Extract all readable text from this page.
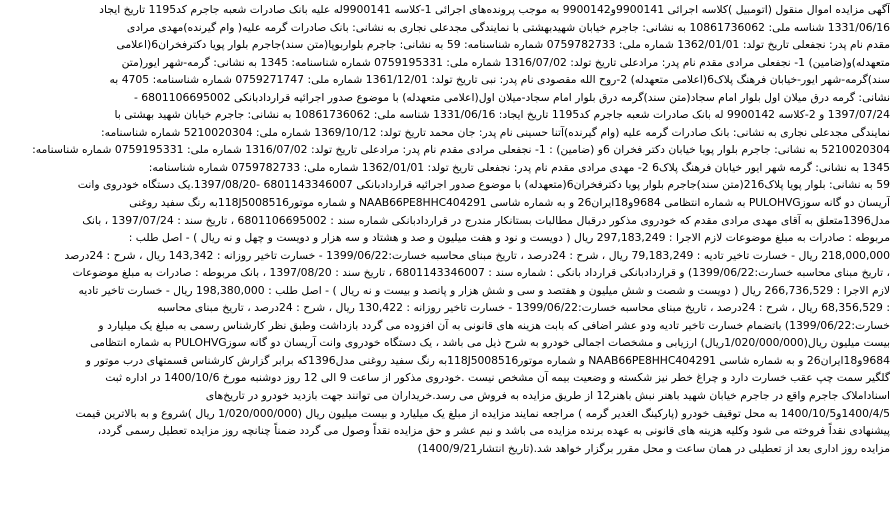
آگهی مزایده اموال منقول (اتومبیل )کلاسه اجرائی 9900141و9900142 به موجب پرونده‌های اجرائی 1-کلاسه 9900141له علیه بانک صادرات شعبه جاجرم کد1195 تاریخ ایجاد
1331/06/16 شناسه ملی: 10861736062 به نشانی: جاجرم خیابان شهیدبهشتی با نمایندگی مجدعلی نجاری به نشانی: بانک صادرات گرمه علیه( وام گیرنده)مهدی مرادی
مقدم نام پدر: نجفعلی تاریخ تولد: 1362/01/01 شماره ملی: 0759782733 شماره شناسنامه: 59 به نشانی: جاجرم بلواربوپا(متن سند)جاجرم بلوار پویا دکترفخران6(اعلامی
متعهدله)و(ضامین) 1- نجفعلی مرادی مقدم نام پدر: مرادعلی تاریخ تولد: 1316/07/02 شماره ملی: 0759195331 شماره شناسنامه: 1345 به نشانی: گرمه-شهر ایور(متن
سند)گرمه-شهر ایور-خیابان فرهنگ پلاک6(اعلامی متعهدله) 2-روح الله مقصودی نام پدر: نبی تاریخ تولد: 1361/12/01 شماره ملی: 0759271747 شماره شناسنامه: 4705 به
نشانی: گرمه درق میلان اول بلوار امام سجاد(متن سند)گرمه درق بلوار امام سجاد-میلان اول(اعلامی متعهدله) با موضوع صدور اجرائیه قراردادبانکی 6801106695002 -
1397/07/24 و 2-کلاسه 9900142 له بانک صادرات شعبه جاجرم کد1195 تاریخ ایجاد: 1331/06/16 شناسه ملی: 10861736062 به نشانی: جاجرم خیابان شهید بهشتی با
نمایندگی مجدعلی نجاری به نشانی: بانک صادرات گرمه علیه (وام گیرنده)آتنا حسینی نام پدر: جان محمد تاریخ تولد: 1369/10/12 شماره ملی: 5210020304 شماره شناسنامه:
5210020304 به نشانی: جاجرم بلوار پویا خیابان دکتر فخران 6و (ضامین) : 1- نجفعلی مرادی مقدم نام پدر: مرادعلی تاریخ تولد: 1316/07/02 شماره ملی: 0759195331 شماره شناسنامه:
1345 به نشانی: گرمه شهر ایور خیابان فرهنگ پلاک6 2- مهدی مرادی مقدم نام پدر: نجفعلی تاریخ تولد: 1362/01/01 شماره ملی: 0759782733 شماره شناسنامه:
59 به نشانی: بلوار پویا پلاک216(متن سند)جاجرم بلوار پویا دکترفخران6(متعهدله) با موضوع صدور اجرائیه قراردادبانکی 6801143346007 -1397/08/20.یک دستگاه خودروی وانت
آریسان دو گانه سوزPULOHVG به شماره انتظامی 9684و18ایران26 و به شماره شاسی NAAB66PE8HHC404291 و شماره موتور118J5008516به رنگ سفید روغنی
مدل1396متعلق به آقای مهدی مرادی مقدم که خودروی مذکور درقبال مطالبات بستانکار مندرج در قراردادبانکی شماره سند : 6801106695002 ، تاریخ سند : 1397/07/24 ، بانک
مربوطه : صادرات به مبلغ موضوعات لازم الاجرا : 297,183,249 ریال ( دویست و نود و هفت میلیون و صد و هشتاد و سه هزار و دویست و چهل و نه ریال ) - اصل طلب :
218,000,000 ریال - خسارت تاخیر تادیه : 79,183,249 ریال ، شرح : 24درصد ، تاریخ مبنای محاسبه خسارت:1399/06/22 - خسارت تاخیر روزانه : 143,342 ریال ، شرح : 24درصد
، تاریخ مبنای محاسبه خسارت:1399/06/22) و قراردادبانکی قرارداد بانکی : شماره سند : 6801143346007 ، تاریخ سند : 1397/08/20 ، بانک مربوطه : صادرات به مبلغ موضوعات
لازم الاجرا : 266,736,529 ریال ( دویست و شصت و شش میلیون و هفتصد و سی و شش هزار و پانصد و بیست و نه ریال ) - اصل طلب : 198,380,000 ریال - خسارت تاخیر تادیه
: 68,356,529 ریال ، شرح : 24درصد ، تاریخ مبنای محاسبه خسارت:1399/06/22 - خسارت تاخیر روزانه : 130,422 ریال ، شرح : 24درصد ، تاریخ مبنای محاسبه
خسارت:1399/06/22) باتضمام خسارت تاخیر تادیه ودو عشر اضافی که بابت هزینه های قانونی به آن افزوده می گردد بازداشت وطبق نظر کارشناس رسمی به مبلغ یک میلیارد و
بیست میلیون ریال(1/020/000/000ریال) ارزیابی و مشخصات اجمالی خودرو به شرح ذیل می باشد ، یک دستگاه خودروی وانت آریسان دو گانه سوزPULOHVG به شماره انتظامی
9684و18ایران26 و به شماره شاسی NAAB66PE8HHC404291 و شماره موتور118J5008516به رنگ سفید روغنی مدل1396که برابر گزارش کارشناس قسمتهای درب موتور و
گلگیر سمت چپ عقب خسارت دارد و چراغ خطر نیز شکسته و وضعیت بیمه آن مشخص نیست .خودروی مذکور از ساعت 9 الی 12 روز دوشنبه مورخ 1400/10/6 در اداره ثبت
اسناداملاک جاجرم واقع در جاجرم خیابان شهید باهنر نبش باهنر12 از طریق مزایده به فروش می رسد.خریداران می توانند جهت بازدید خودرو در تاریخ‌های
1400/4/5و1400/10/5 به محل توقیف خودرو (پارکینگ الغدیر گرمه ) مراجعه نمایند مزایده از مبلغ یک میلیارد و بیست میلیون ریال (1/020/000/000 ریال )شروع و به بالاترین قیمت
پیشنهادی نقداً فروخته می شود وکلیه هزینه های قانونی به عهده برنده مزایده می باشد و نیم عشر و حق مزایده نقداً وصول می گردد ضمناً چنانچه روز مزایده تعطیل رسمی گردد،
مزایده روز اداری بعد از تعطیلی در همان ساعت و محل مقرر برگزار خواهد شد.(تاریخ انتشار1400/9/21)
